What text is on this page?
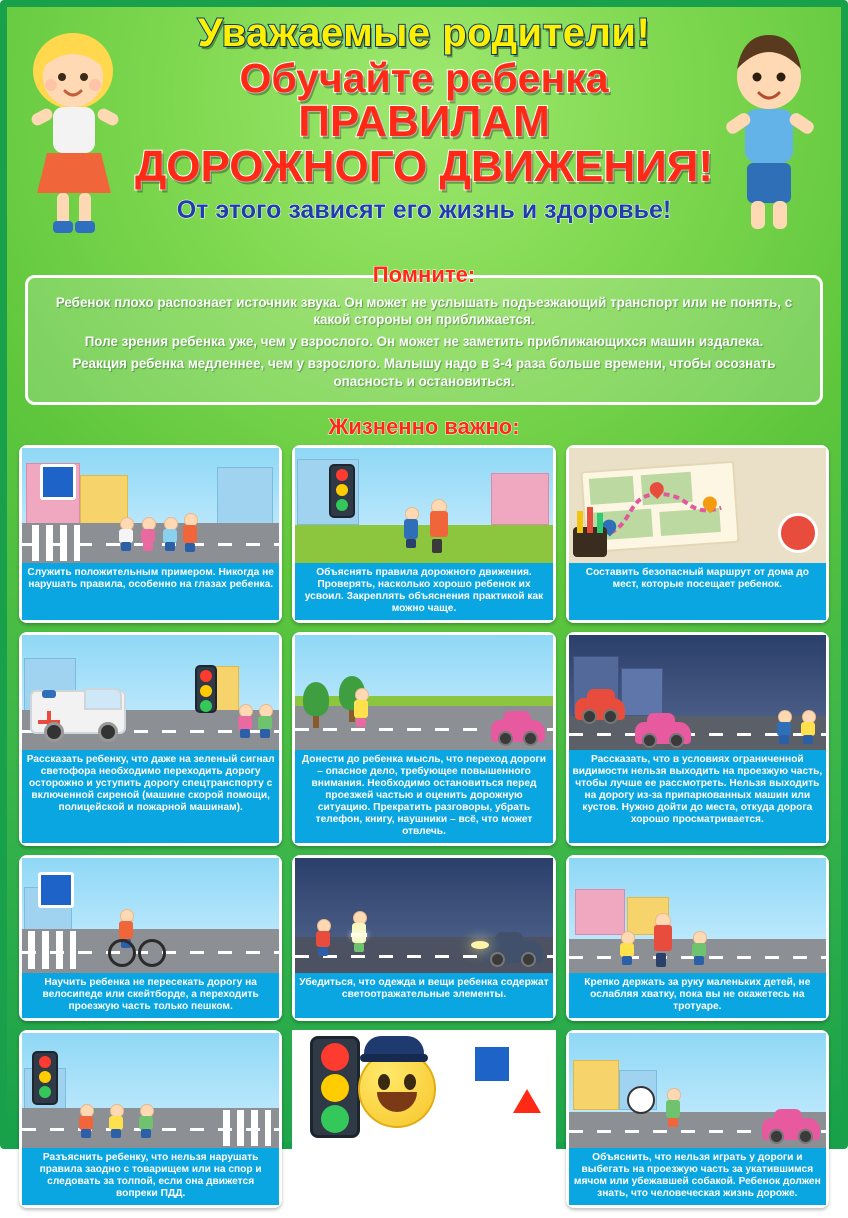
Уважаемые родители!
Обучайте ребенка
ПРАВИЛАМ
ДОРОЖНОГО ДВИЖЕНИЯ!
От этого зависят его жизнь и здоровье!
Помните:

Ребенок плохо распознает источник звука. Он может не услышать подъезжающий транспорт или не понять, с какой стороны он приближается.

Поле зрения ребенка уже, чем у взрослого. Он может не заметить приближающихся машин издалека.

Реакция ребенка медленнее, чем у взрослого. Малышу надо в 3-4 раза больше времени, чтобы осознать опасность и остановиться.

Жизненно важно:
Служить положительным примером. Никогда не нарушать правила, особенно на глазах ребенка.
Объяснять правила дорожного движения. Проверять, насколько хорошо ребенок их усвоил. Закреплять объяснения практикой как можно чаще.
Составить безопасный маршрут от дома до мест, которые посещает ребенок.
Рассказать ребенку, что даже на зеленый сигнал светофора необходимо переходить дорогу осторожно и уступить дорогу спецтранспорту с включенной сиреной (машине скорой помощи, полицейской и пожарной машинам).
Донести до ребенка мысль, что переход дороги – опасное дело, требующее повышенного внимания. Необходимо остановиться перед проезжей частью и оценить дорожную ситуацию. Прекратить разговоры, убрать телефон, книгу, наушники – всё, что может отвлечь.
Рассказать, что в условиях ограниченной видимости нельзя выходить на проезжую часть, чтобы лучше ее рассмотреть. Нельзя выходить на дорогу из-за припаркованных машин или кустов. Нужно дойти до места, откуда дорога хорошо просматривается.
Научить ребенка не пересекать дорогу на велосипеде или скейтборде, а переходить проезжую часть только пешком.
Убедиться, что одежда и вещи ребенка содержат светоотражательные элементы.
Крепко держать за руку маленьких детей, не ослабляя хватку, пока вы не окажетесь на тротуаре.
Разъяснить ребенку, что нельзя нарушать правила заодно с товарищем или на спор и следовать за толпой, если она движется вопреки ПДД.
Объяснить, что нельзя играть у дороги и выбегать на проезжую часть за укатившимся мячом или убежавшей собакой. Ребенок должен знать, что человеческая жизнь дороже.
